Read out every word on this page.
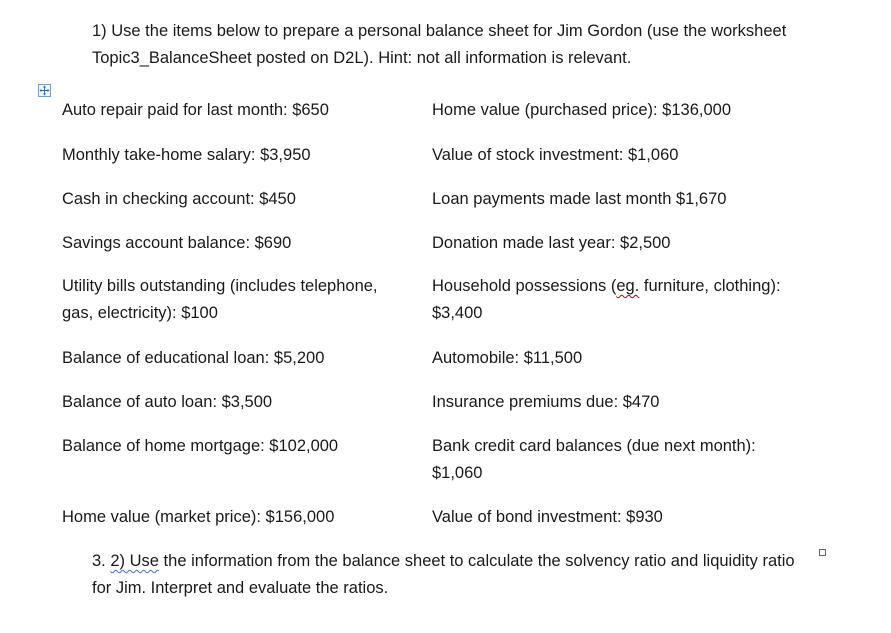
1) Use the items below to prepare a personal balance sheet for Jim Gordon (use the worksheet Topic3_BalanceSheet posted on D2L). Hint: not all information is relevant.
Auto repair paid for last month: $650
Monthly take-home salary: $3,950
Cash in checking account: $450
Savings account balance: $690
Utility bills outstanding (includes telephone, gas, electricity): $100
Balance of educational loan: $5,200
Balance of auto loan: $3,500
Balance of home mortgage: $102,000
Home value (market price): $156,000
Home value (purchased price): $136,000
Value of stock investment: $1,060
Loan payments made last month $1,670
Donation made last year: $2,500
Household possessions (eg. furniture, clothing): $3,400
Automobile: $11,500
Insurance premiums due: $470
Bank credit card balances (due next month): $1,060
Value of bond investment: $930
3. 2) Use the information from the balance sheet to calculate the solvency ratio and liquidity ratio for Jim. Interpret and evaluate the ratios.
